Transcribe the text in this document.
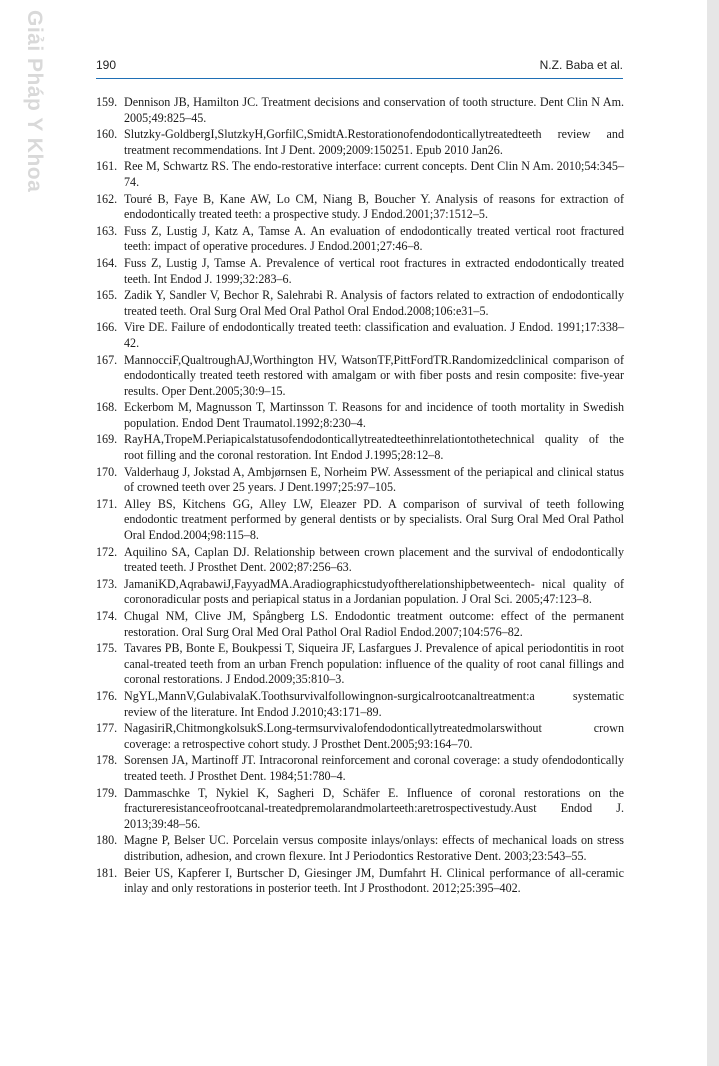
Giải Pháp Y Khoa	190	N.Z. Baba et al.
159. Dennison JB, Hamilton JC. Treatment decisions and conservation of tooth structure. Dent Clin N Am. 2005;49:825–45.
160. Slutzky-GoldbergI,SlutzkyH,GorfilC,SmidtA.Restorationofendodonticallytreatedteeth review and treatment recommendations. Int J Dent. 2009;2009:150251. Epub 2010 Jan26.
161. Ree M, Schwartz RS. The endo-restorative interface: current concepts. Dent Clin N Am. 2010;54:345–74.
162. Touré B, Faye B, Kane AW, Lo CM, Niang B, Boucher Y. Analysis of reasons for extraction of endodontically treated teeth: a prospective study. J Endod.2001;37:1512–5.
163. Fuss Z, Lustig J, Katz A, Tamse A. An evaluation of endodontically treated vertical root fractured teeth: impact of operative procedures. J Endod.2001;27:46–8.
164. Fuss Z, Lustig J, Tamse A. Prevalence of vertical root fractures in extracted endodontically treated teeth. Int Endod J. 1999;32:283–6.
165. Zadik Y, Sandler V, Bechor R, Salehrabi R. Analysis of factors related to extraction of endodontically treated teeth. Oral Surg Oral Med Oral Pathol Oral Endod.2008;106:e31–5.
166. Vire DE. Failure of endodontically treated teeth: classification and evaluation. J Endod. 1991;17:338–42.
167. MannocciF,QualtroughAJ,Worthington HV, WatsonTF,PittFordTR.Randomizedclinical comparison of endodontically treated teeth restored with amalgam or with fiber posts and resin composite: five-year results. Oper Dent.2005;30:9–15.
168. Eckerbom M, Magnusson T, Martinsson T. Reasons for and incidence of tooth mortality in Swedish population. Endod Dent Traumatol.1992;8:230–4.
169. RayHA,TropeM.Periapicalstatusofendodonticallytreatedteethinrelationtothetechnical quality of the root filling and the coronal restoration. Int Endod J.1995;28:12–8.
170. Valderhaug J, Jokstad A, Ambjørnsen E, Norheim PW. Assessment of the periapical and clinical status of crowned teeth over 25 years. J Dent.1997;25:97–105.
171. Alley BS, Kitchens GG, Alley LW, Eleazer PD. A comparison of survival of teeth following endodontic treatment performed by general dentists or by specialists. Oral Surg Oral Med Oral Pathol Oral Endod.2004;98:115–8.
172. Aquilino SA, Caplan DJ. Relationship between crown placement and the survival of endodontically treated teeth. J Prosthet Dent. 2002;87:256–63.
173. JamaniKD,AqrabawiJ,FayyadMA.Aradiographicstudyoftherelationshipbetweentech- nical quality of coronoradicular posts and periapical status in a Jordanian population. J Oral Sci. 2005;47:123–8.
174. Chugal NM, Clive JM, Spångberg LS. Endodontic treatment outcome: effect of the permanent restoration. Oral Surg Oral Med Oral Pathol Oral Radiol Endod.2007;104:576–82.
175. Tavares PB, Bonte E, Boukpessi T, Siqueira JF, Lasfargues J. Prevalence of apical periodontitis in root canal-treated teeth from an urban French population: influence of the quality of root canal fillings and coronal restorations. J Endod.2009;35:810–3.
176. NgYL,MannV,GulabivalaK.Toothsurvivalfollowingnon-surgicalrootcanaltreatment:a systematic review of the literature. Int Endod J.2010;43:171–89.
177. NagasiriR,ChitmongkolsukS.Long-termsurvivalofendodonticallytreatedmolarswithout crown coverage: a retrospective cohort study. J Prosthet Dent.2005;93:164–70.
178. Sorensen JA, Martinoff JT. Intracoronal reinforcement and coronal coverage: a study ofendodontically treated teeth. J Prosthet Dent. 1984;51:780–4.
179. Dammaschke T, Nykiel K, Sagheri D, Schäfer E. Influence of coronal restorations on the fractureresistanceofrootcanal-treatedpremolarandmolarteeth:aretrospectivestudy.Aust Endod J. 2013;39:48–56.
180. Magne P, Belser UC. Porcelain versus composite inlays/onlays: effects of mechanical loads on stress distribution, adhesion, and crown flexure. Int J Periodontics Restorative Dent. 2003;23:543–55.
181. Beier US, Kapferer I, Burtscher D, Giesinger JM, Dumfahrt H. Clinical performance of all-ceramic inlay and only restorations in posterior teeth. Int J Prosthodont. 2012;25:395–402.
